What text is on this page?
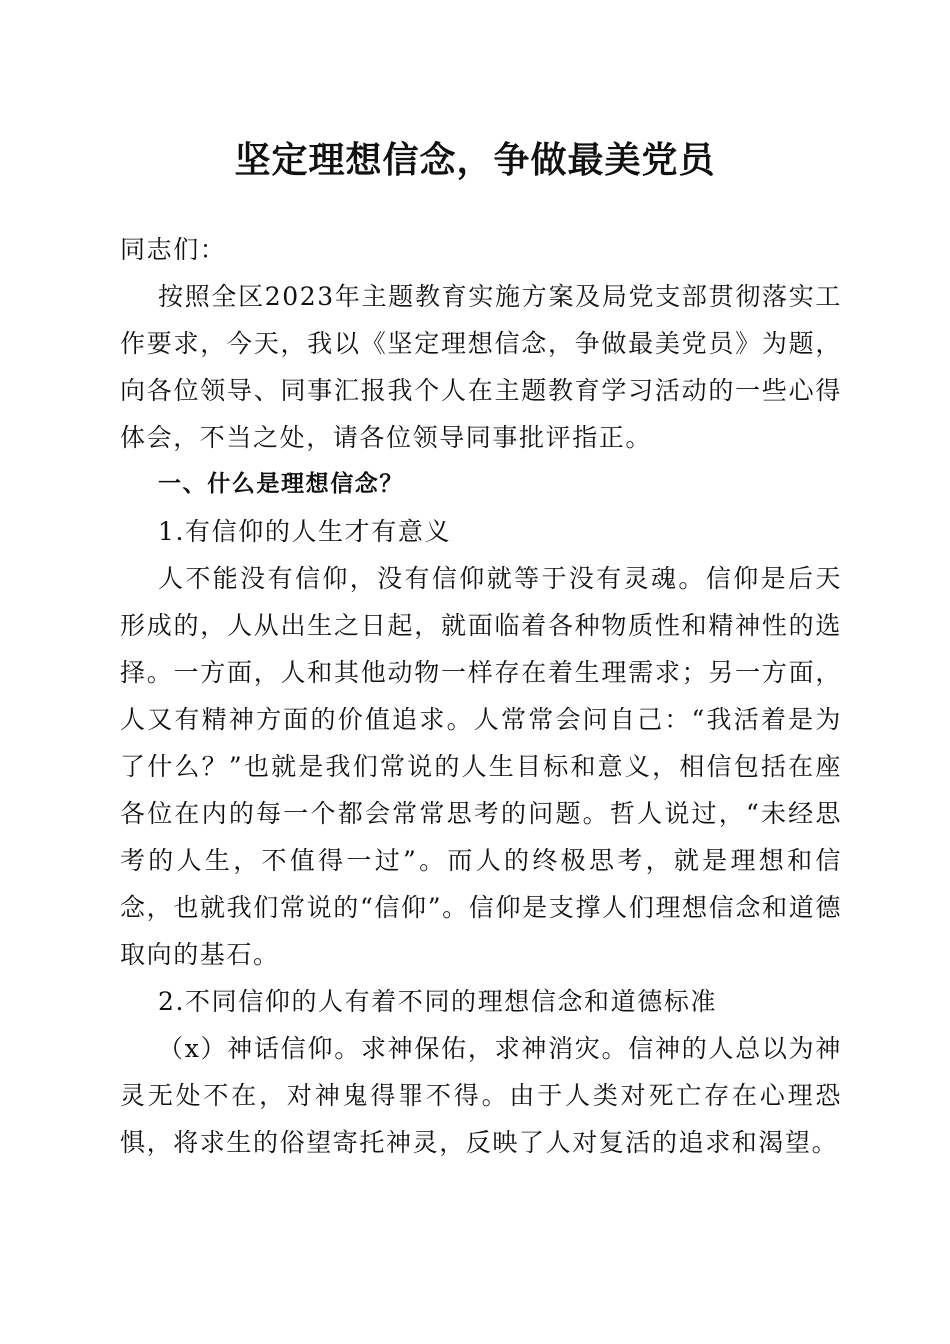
坚定理想信念，争做最美党员

同志们：

按照全区2023年主题教育实施方案及局党支部贯彻落实工作要求，今天，我以《坚定理想信念，争做最美党员》为题，向各位领导、同事汇报我个人在主题教育学习活动的一些心得体会，不当之处，请各位领导同事批评指正。

一、什么是理想信念？

1.有信仰的人生才有意义

人不能没有信仰，没有信仰就等于没有灵魂。信仰是后天形成的，人从出生之日起，就面临着各种物质性和精神性的选择。一方面，人和其他动物一样存在着生理需求；另一方面，人又有精神方面的价值追求。人常常会问自己：“我活着是为了什么？”也就是我们常说的人生目标和意义，相信包括在座各位在内的每一个都会常常思考的问题。哲人说过，“未经思考的人生，不值得一过”。而人的终极思考，就是理想和信念，也就我们常说的“信仰”。信仰是支撑人们理想信念和道德取向的基石。

2.不同信仰的人有着不同的理想信念和道德标准

（x）神话信仰。求神保佑，求神消灾。信神的人总以为神灵无处不在，对神鬼得罪不得。由于人类对死亡存在心理恐惧，将求生的俗望寄托神灵，反映了人对复活的追求和渴望。
